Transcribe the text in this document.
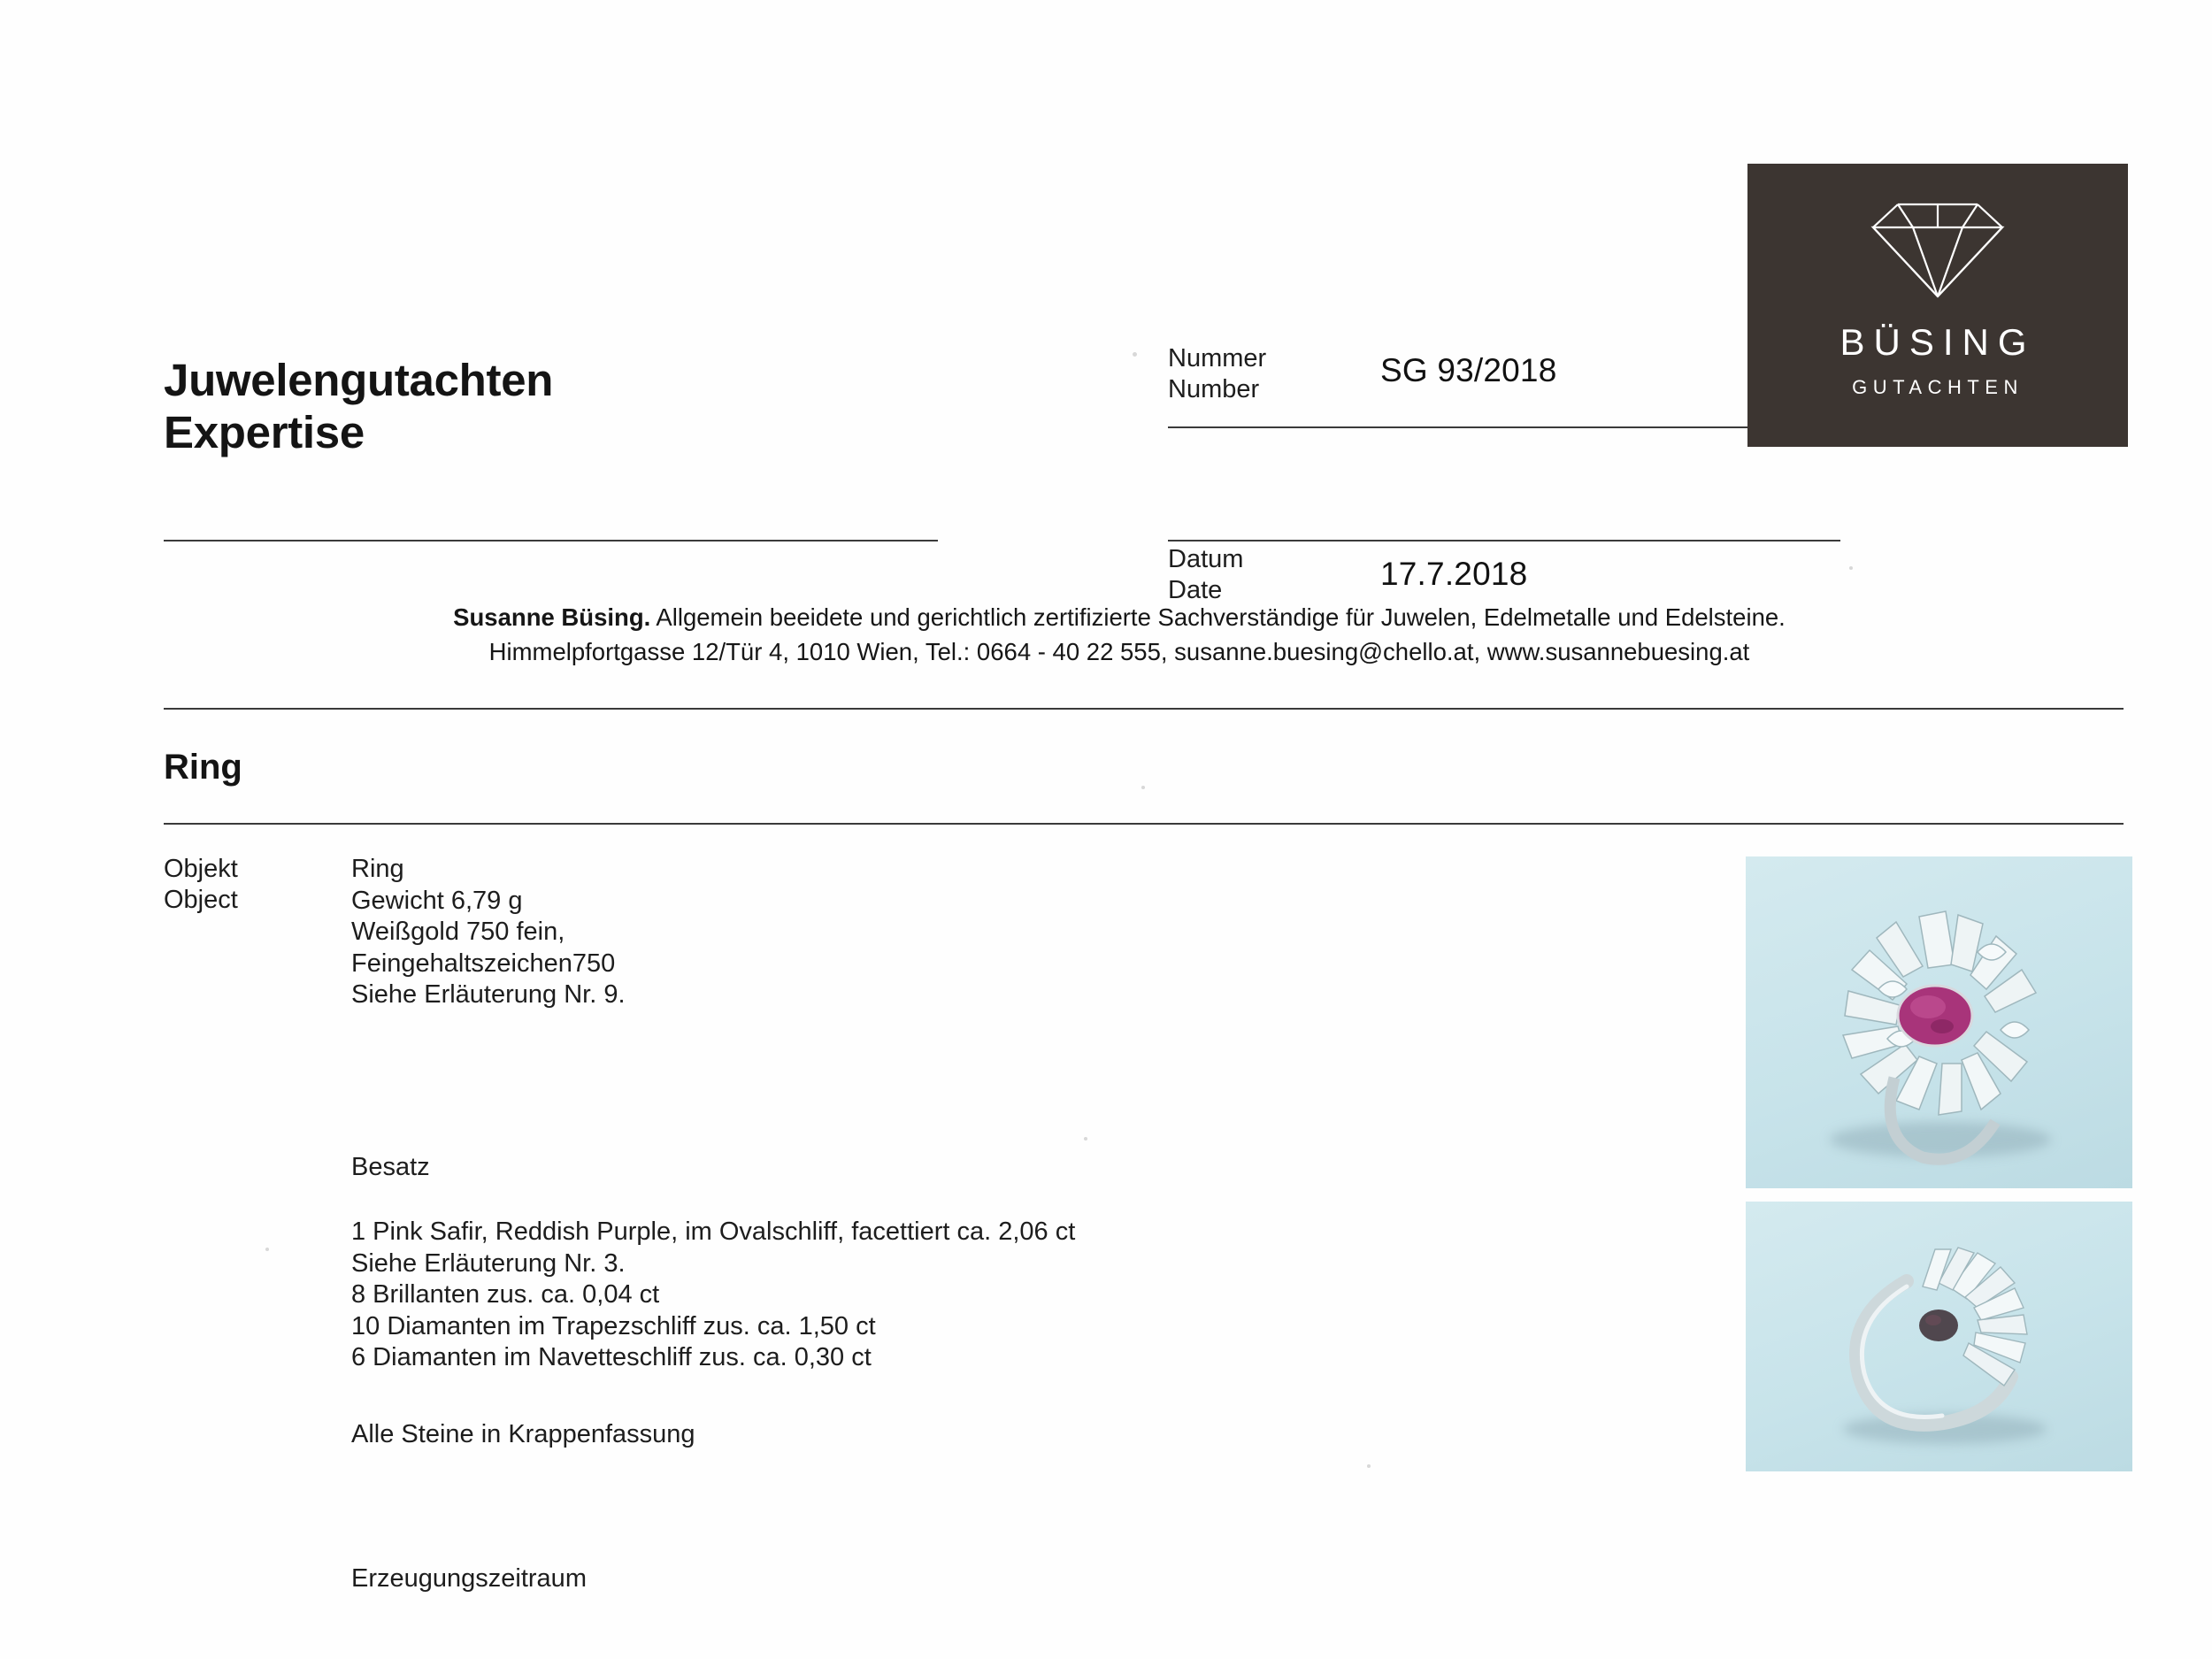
Juwelengutachten
Expertise
Nummer
Number
SG 93/2018
Datum
Date	17.7.2018
BÜSING
GUTACHTEN
Susanne Büsing. Allgemein beeidete und gerichtlich zertifizierte Sachverständige für Juwelen, Edelmetalle und Edelsteine.
Himmelpfortgasse 12/Tür 4, 1010 Wien, Tel.: 0664 - 40 22 555, susanne.buesing@chello.at, www.susannebuesing.at
Ring
Objekt
Object
Ring
Gewicht 6,79 g
Weißgold 750 fein,
Feingehaltszeichen750
Siehe Erläuterung Nr. 9.
Besatz
1 Pink Safir, Reddish Purple, im Ovalschliff, facettiert ca. 2,06 ct
Siehe Erläuterung Nr. 3.
8 Brillanten zus. ca. 0,04 ct
10 Diamanten im Trapezschliff zus. ca. 1,50 ct
6 Diamanten im Navetteschliff zus. ca. 0,30 ct
Alle Steine in Krappenfassung
Erzeugungszeitraum
